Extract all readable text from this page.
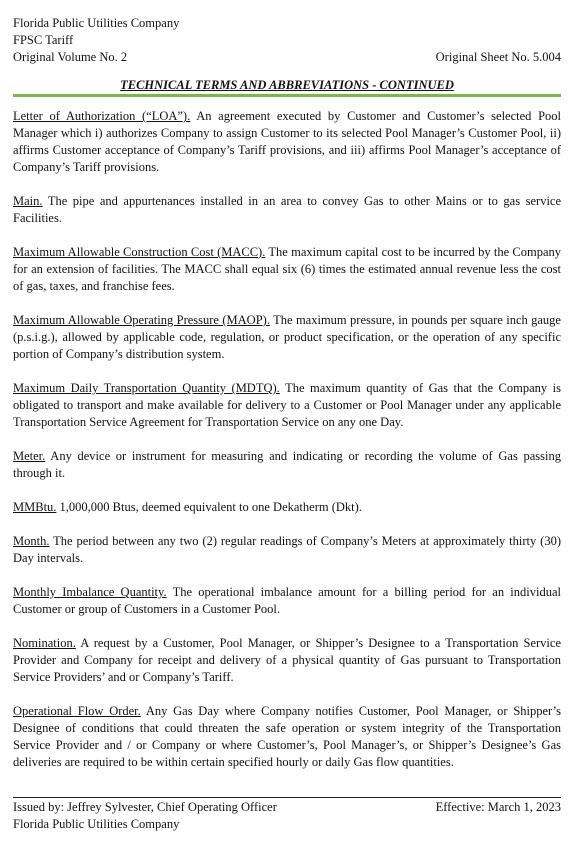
Florida Public Utilities Company
FPSC Tariff
Original Volume No. 2	Original Sheet No. 5.004
TECHNICAL TERMS AND ABBREVIATIONS - CONTINUED

Letter of Authorization (“LOA”). An agreement executed by Customer and Customer’s selected Pool Manager which i) authorizes Company to assign Customer to its selected Pool Manager’s Customer Pool, ii) affirms Customer acceptance of Company’s Tariff provisions, and iii) affirms Pool Manager’s acceptance of Company’s Tariff provisions.

Main. The pipe and appurtenances installed in an area to convey Gas to other Mains or to gas service Facilities.

Maximum Allowable Construction Cost (MACC). The maximum capital cost to be incurred by the Company for an extension of facilities. The MACC shall equal six (6) times the estimated annual revenue less the cost of gas, taxes, and franchise fees.

Maximum Allowable Operating Pressure (MAOP). The maximum pressure, in pounds per square inch gauge (p.s.i.g.), allowed by applicable code, regulation, or product specification, or the operation of any specific portion of Company’s distribution system.

Maximum Daily Transportation Quantity (MDTQ). The maximum quantity of Gas that the Company is obligated to transport and make available for delivery to a Customer or Pool Manager under any applicable Transportation Service Agreement for Transportation Service on any one Day.

Meter. Any device or instrument for measuring and indicating or recording the volume of Gas passing through it.

MMBtu. 1,000,000 Btus, deemed equivalent to one Dekatherm (Dkt).

Month. The period between any two (2) regular readings of Company’s Meters at approximately thirty (30) Day intervals.

Monthly Imbalance Quantity. The operational imbalance amount for a billing period for an individual Customer or group of Customers in a Customer Pool.

Nomination. A request by a Customer, Pool Manager, or Shipper’s Designee to a Transportation Service Provider and Company for receipt and delivery of a physical quantity of Gas pursuant to Transportation Service Providers’ and or Company’s Tariff.

Operational Flow Order. Any Gas Day where Company notifies Customer, Pool Manager, or Shipper’s Designee of conditions that could threaten the safe operation or system integrity of the Transportation Service Provider and / or Company or where Customer’s, Pool Manager’s, or Shipper’s Designee’s Gas deliveries are required to be within certain specified hourly or daily Gas flow quantities.

Issued by: Jeffrey Sylvester, Chief Operating Officer	Effective: March 1, 2023
Florida Public Utilities Company
